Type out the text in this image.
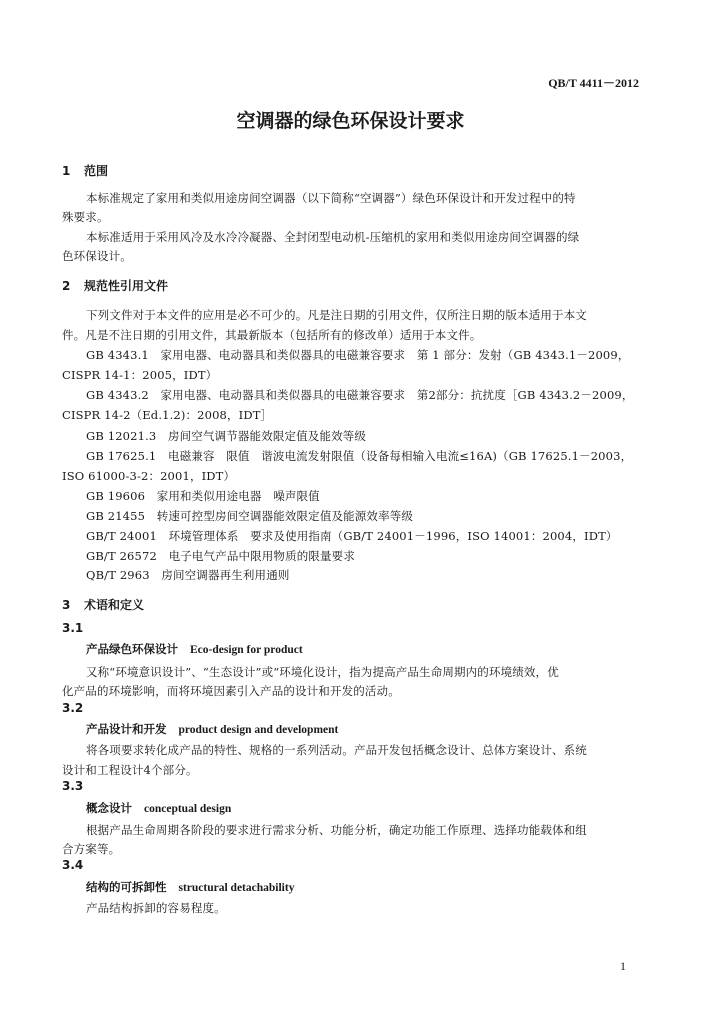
QB/T 4411－2012
空调器的绿色环保设计要求
1 范围
本标准规定了家用和类似用途房间空调器（以下简称“空调器”）绿色环保设计和开发过程中的特
殊要求。
本标准适用于采用风冷及水冷冷凝器、全封闭型电动机-压缩机的家用和类似用途房间空调器的绿
色环保设计。
2 规范性引用文件
下列文件对于本文件的应用是必不可少的。凡是注日期的引用文件，仅所注日期的版本适用于本文
件。凡是不注日期的引用文件，其最新版本（包括所有的修改单）适用于本文件。
GB 4343.1　家用电器、电动器具和类似器具的电磁兼容要求　第 1 部分：发射（GB 4343.1－2009，
CISPR 14-1：2005，IDT）
GB 4343.2　家用电器、电动器具和类似器具的电磁兼容要求　第2部分：抗扰度［GB 4343.2－2009，
CISPR 14-2（Ed.1.2)：2008，IDT］
GB 12021.3　房间空气调节器能效限定值及能效等级
GB 17625.1　电磁兼容　限值　谐波电流发射限值（设备每相输入电流≤16A)（GB 17625.1－2003，
ISO 61000-3-2：2001，IDT）
GB 19606　家用和类似用途电器　噪声限值
GB 21455　转速可控型房间空调器能效限定值及能源效率等级
GB/T 24001　环境管理体系　要求及使用指南（GB/T 24001－1996，ISO 14001：2004，IDT）
GB/T 26572　电子电气产品中限用物质的限量要求
QB/T 2963　房间空调器再生利用通则
3 术语和定义
3.1
产品绿色环保设计 Eco-design for product
又称“环境意识设计”、“生态设计”或“环境化设计，指为提高产品生命周期内的环境绩效，优
化产品的环境影响，而将环境因素引入产品的设计和开发的活动。
3.2
产品设计和开发 product design and development
将各项要求转化成产品的特性、规格的一系列活动。产品开发包括概念设计、总体方案设计、系统
设计和工程设计4个部分。
3.3
概念设计 conceptual design
根据产品生命周期各阶段的要求进行需求分析、功能分析，确定功能工作原理、选择功能载体和组
合方案等。
3.4
结构的可拆卸性 structural detachability
产品结构拆卸的容易程度。
1
